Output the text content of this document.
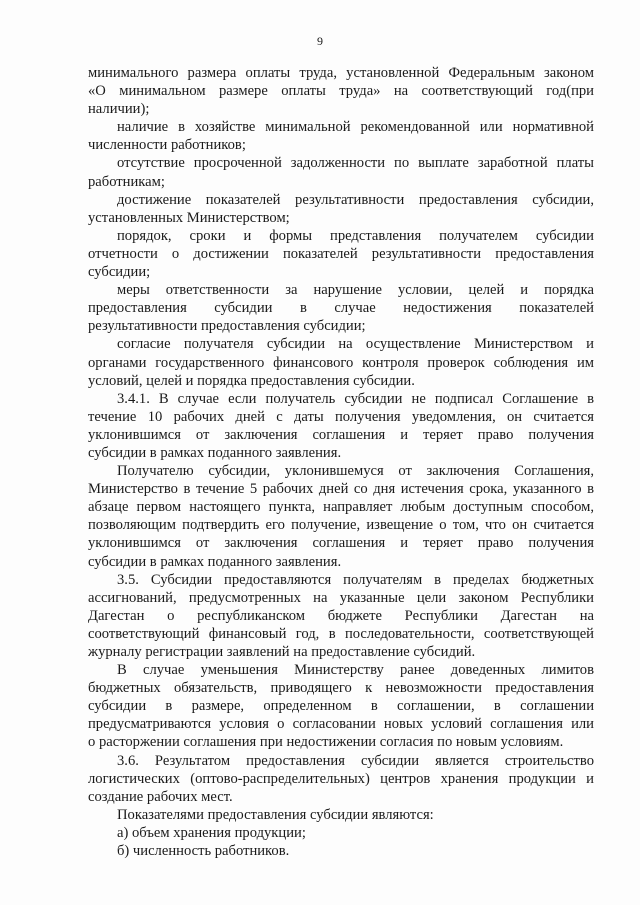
9
минимального размера оплаты труда, установленной Федеральным законом
«О минимальном размере оплаты труда» на соответствующий год(при
наличии);
наличие в хозяйстве минимальной рекомендованной или нормативной
численности работников;
отсутствие просроченной задолженности по выплате заработной платы
работникам;
достижение показателей результативности предоставления субсидии,
установленных Министерством;
порядок, сроки и формы представления получателем субсидии
отчетности о достижении показателей результативности предоставления
субсидии;
меры ответственности за нарушение условии, целей и порядка
предоставления субсидии в случае недостижения показателей
результативности предоставления субсидии;
согласие получателя субсидии на осуществление Министерством и
органами государственного финансового контроля проверок соблюдения им
условий, целей и порядка предоставления субсидии.
3.4.1. В случае если получатель субсидии не подписал Соглашение в
течение 10 рабочих дней с даты получения уведомления, он считается
уклонившимся от заключения соглашения и теряет право получения
субсидии в рамках поданного заявления.
Получателю субсидии, уклонившемуся от заключения Соглашения,
Министерство в течение 5 рабочих дней со дня истечения срока, указанного в
абзаце первом настоящего пункта, направляет любым доступным способом,
позволяющим подтвердить его получение, извещение о том, что он считается
уклонившимся от заключения соглашения и теряет право получения
субсидии в рамках поданного заявления.
3.5. Субсидии предоставляются получателям в пределах бюджетных
ассигнований, предусмотренных на указанные цели законом Республики
Дагестан о республиканском бюджете Республики Дагестан на
соответствующий финансовый год, в последовательности, соответствующей
журналу регистрации заявлений на предоставление субсидий.
В случае уменьшения Министерству ранее доведенных лимитов
бюджетных обязательств, приводящего к невозможности предоставления
субсидии в размере, определенном в соглашении, в соглашении
предусматриваются условия о согласовании новых условий соглашения или
о расторжении соглашения при недостижении согласия по новым условиям.
3.6. Результатом предоставления субсидии является строительство
логистических (оптово-распределительных) центров хранения продукции и
создание рабочих мест.
Показателями предоставления субсидии являются:
а) объем хранения продукции;
б) численность работников.
